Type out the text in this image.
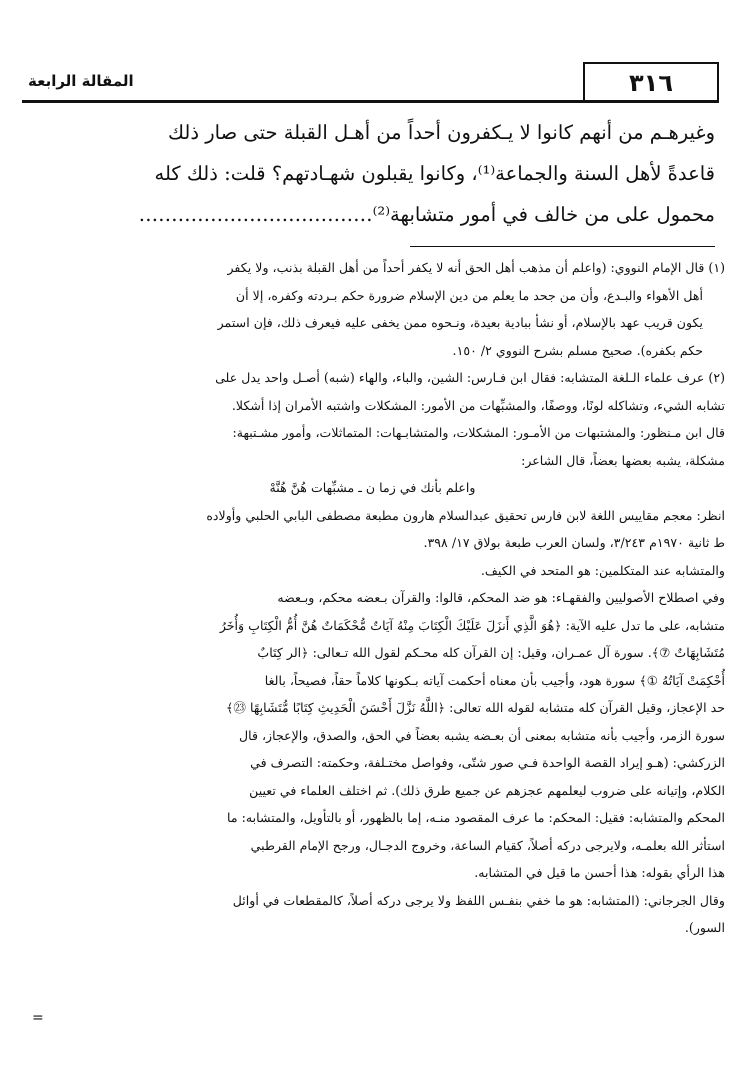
المقالة الرابعة	٣١٦

وغيرهـم من أنهم كانوا لا يـكفرون أحداً من أهـل القبلة حتى صار ذلك

قاعدةً لأهل السنة والجماعة⁽¹⁾، وكانوا يقبلون شهـادتهم؟ قلت: ذلك كله

محمول على من خالف في أمور متشابهة⁽²⁾………………………………

(١) قال الإمام النووي: (واعلم أن مذهب أهل الحق أنه لا يكفر أحداً من أهل القبلة بذنب، ولا يكفر

أهل الأهواء والبـدع، وأن من جحد ما يعلم من دين الإسلام ضرورة حكم بـردته وكفره، إلا أن

يكون قريب عهد بالإسلام، أو نشأ ببادية بعيدة، ونـحوه ممن يخفى عليه فيعرف ذلك، فإن استمر

حكم بكفره). صحيح مسلم بشرح النووي ٢/ ١٥٠.

(٢) عرف علماء الـلغة المتشابه: فقال ابن فـارس: الشين، والباء، والهاء (شبه) أصـل واحد يدل على

تشابه الشيء، وتشاكله لونًا، ووصفًا، والمشبِّهات من الأمور: المشكلات واشتبه الأمران إذا أشكلا.

قال ابن مـنظور: والمشتبهات من الأمـور: المشكلات، والمتشابـهات: المتماثلات، وأمور مشـتبهة:

مشكلة، يشبه بعضها بعضاً، قال الشاعر:

واعلم بأنك في زما ن ـ مشبِّهات هُنَّ هُنَّهْ

انظر: معجم مقاييس اللغة لابن فارس تحقيق عبدالسلام هارون مطبعة مصطفى البابي الحلبي وأولاده

ط ثانية ١٩٧٠م ٣/٢٤٣، ولسان العرب طبعة بولاق ١٧/ ٣٩٨.

والمتشابه عند المتكلمين: هو المتحد في الكيف.

وفي اصطلاح الأصوليين والفقهـاء: هو ضد المحكم، قالوا: والقرآن بـعضه محكم، وبـعضه

متشابه، على ما تدل عليه الآية: ﴿هُوَ الَّذِي أَنزَلَ عَلَيْكَ الْكِتَابَ مِنْهُ آيَاتٌ مُّحْكَمَاتٌ هُنَّ أُمُّ الْكِتَابِ وَأُخَرُ

مُتَشَابِهَاتٌ ⑦﴾. سورة آل عمـران، وقيل: إن القرآن كله محـكم لقول الله تـعالى: ﴿الر كِتَابٌ

أُحْكِمَتْ آيَاتُهُ ①﴾ سورة هود، وأجيب بأن معناه أحكمت آياته بـكونها كلاماً حقاً، فصيحاً، بالغا

حد الإعجاز، وقيل القرآن كله متشابه لقوله الله تعالى: ﴿اللَّهُ نَزَّلَ أَحْسَنَ الْحَدِيثِ كِتَابًا مُّتَشَابِهًا ㉓﴾

سورة الزمر، وأجيب بأنه متشابه بمعنى أن بعـضه يشبه بعضاً في الحق، والصدق، والإعجاز، قال

الزركشي: (هـو إيراد القصة الواحدة فـي صور شتّى، وفواصل مختـلفة، وحكمته: التصرف في

الكلام، وإتيانه على ضروب ليعلمهم عجزهم عن جميع طرق ذلك). ثم اختلف العلماء في تعيين

المحكم والمتشابه: فقيل: المحكم: ما عرف المقصود منـه، إما بالظهور، أو بالتأويل، والمتشابه: ما

استأثر الله بعلمـه، ولايرجى دركه أصلاً، كقيام الساعة، وخروج الدجـال، ورجح الإمام القرطبي

هذا الرأي بقوله: هذا أحسن ما قيل في المتشابه.

وقال الجرجاني: (المتشابه: هو ما خفي بنفـس اللفظ ولا يرجى دركه أصلاً، كالمقطعات في أوائل

السور).

=
